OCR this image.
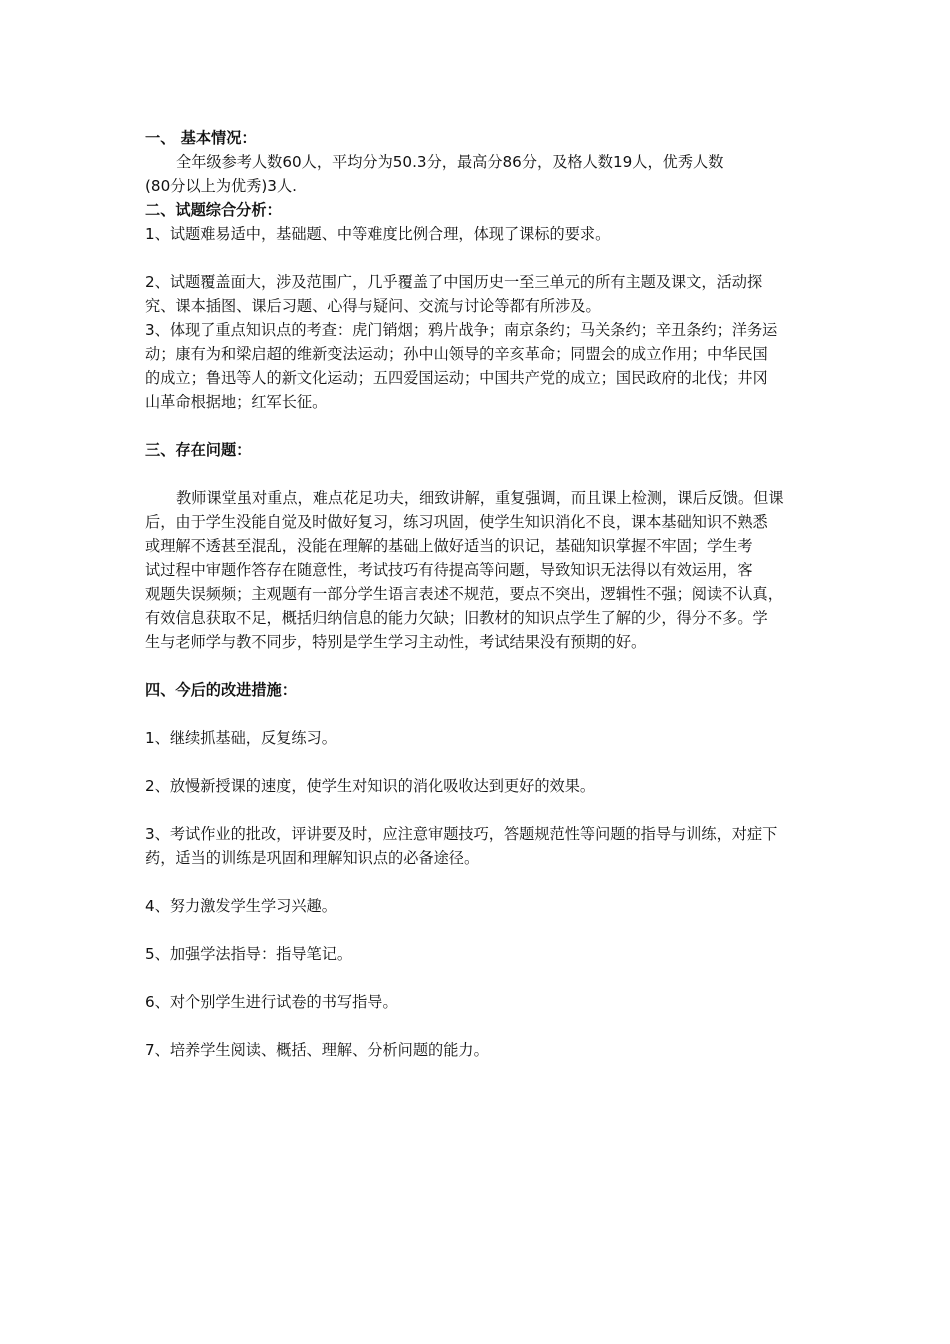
一、 基本情况：

全年级参考人数60人，平均分为50.3分，最高分86分，及格人数19人，优秀人数

(80分以上为优秀)3人.

二、试题综合分析：

1、试题难易适中，基础题、中等难度比例合理，体现了课标的要求。

2、试题覆盖面大，涉及范围广，几乎覆盖了中国历史一至三单元的所有主题及课文，活动探

究、课本插图、课后习题、心得与疑问、交流与讨论等都有所涉及。

3、体现了重点知识点的考查：虎门销烟；鸦片战争；南京条约；马关条约；辛丑条约；洋务运

动；康有为和梁启超的维新变法运动；孙中山领导的辛亥革命；同盟会的成立作用；中华民国

的成立；鲁迅等人的新文化运动；五四爱国运动；中国共产党的成立；国民政府的北伐；井冈

山革命根据地；红军长征。

三、存在问题：

教师课堂虽对重点，难点花足功夫，细致讲解，重复强调，而且课上检测，课后反馈。但课

后，由于学生没能自觉及时做好复习，练习巩固，使学生知识消化不良，课本基础知识不熟悉

或理解不透甚至混乱，没能在理解的基础上做好适当的识记，基础知识掌握不牢固；学生考

试过程中审题作答存在随意性，考试技巧有待提高等问题，导致知识无法得以有效运用，客

观题失误频频；主观题有一部分学生语言表述不规范，要点不突出，逻辑性不强；阅读不认真，

有效信息获取不足，概括归纳信息的能力欠缺；旧教材的知识点学生了解的少，得分不多。学

生与老师学与教不同步，特别是学生学习主动性，考试结果没有预期的好。

四、今后的改进措施：

1、继续抓基础，反复练习。

2、放慢新授课的速度，使学生对知识的消化吸收达到更好的效果。

3、考试作业的批改，评讲要及时，应注意审题技巧，答题规范性等问题的指导与训练，对症下

药，适当的训练是巩固和理解知识点的必备途径。

4、努力激发学生学习兴趣。

5、加强学法指导：指导笔记。

6、对个别学生进行试卷的书写指导。

7、培养学生阅读、概括、理解、分析问题的能力。
